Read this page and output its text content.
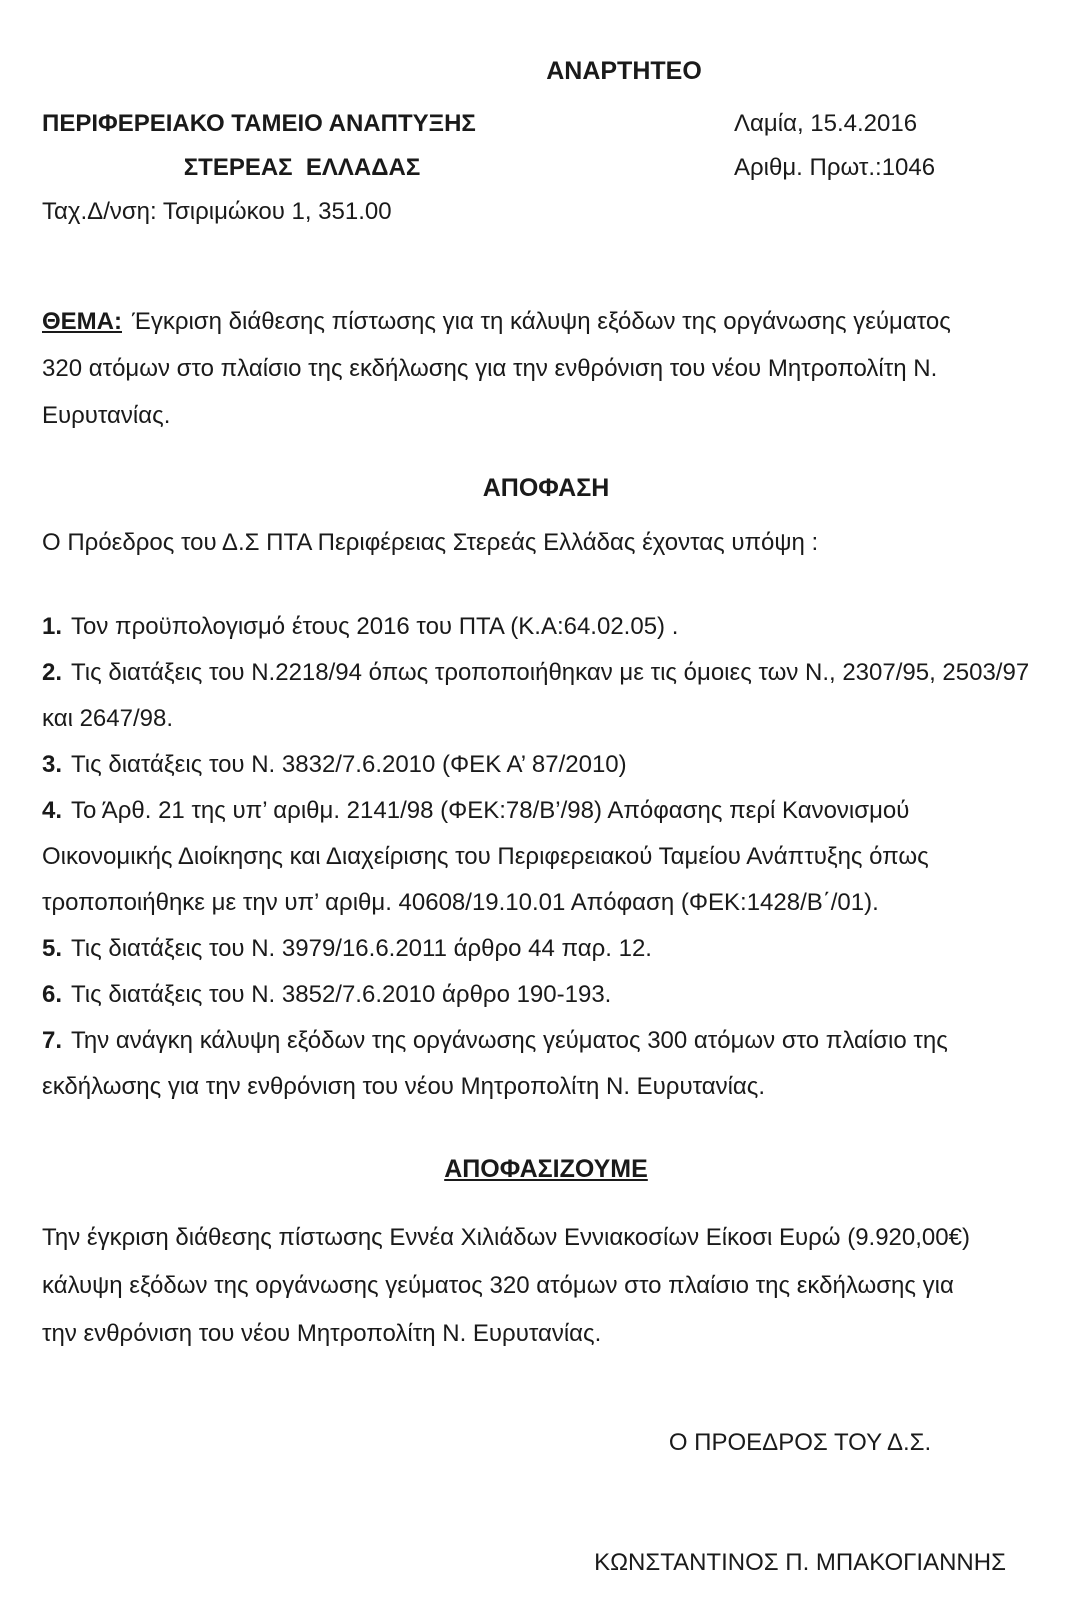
ΑΝΑΡΤΗΤΕΟ
ΠΕΡΙΦΕΡΕΙΑΚΟ ΤΑΜΕΙΟ ΑΝΑΠΤΥΞΗΣ
ΣΤΕΡΕΑΣ  ΕΛΛΑΔΑΣ
Ταχ.Δ/νση: Τσιριμώκου 1, 351.00
Λαμία, 15.4.2016
Αριθμ. Πρωτ.:1046

ΘΕΜΑ: Έγκριση διάθεσης πίστωσης για τη κάλυψη εξόδων της οργάνωσης γεύματος 320 ατόμων στο πλαίσιο της εκδήλωσης για την ενθρόνιση του νέου Μητροπολίτη Ν. Ευρυτανίας.

ΑΠΟΦΑΣΗ

Ο Πρόεδρος του Δ.Σ ΠΤΑ Περιφέρειας Στερεάς Ελλάδας έχοντας υπόψη :

1. Τον προϋπολογισμό έτους 2016 του ΠΤΑ (Κ.Α:64.02.05) .

2. Τις διατάξεις του Ν.2218/94 όπως τροποποιήθηκαν με τις όμοιες των Ν., 2307/95, 2503/97 και 2647/98.

3. Τις διατάξεις του Ν. 3832/7.6.2010 (ΦΕΚ Α’ 87/2010)

4. Το Άρθ. 21 της υπ’ αριθμ. 2141/98 (ΦΕΚ:78/Β’/98) Απόφασης περί Κανονισμού Οικονομικής Διοίκησης και Διαχείρισης του Περιφερειακού Ταμείου Ανάπτυξης όπως τροποποιήθηκε με την υπ’ αριθμ. 40608/19.10.01 Απόφαση (ΦΕΚ:1428/Β΄/01).

5. Τις διατάξεις του Ν. 3979/16.6.2011 άρθρο 44 παρ. 12.

6. Τις διατάξεις του Ν. 3852/7.6.2010 άρθρο 190-193.

7. Την ανάγκη κάλυψη εξόδων της οργάνωσης γεύματος 300 ατόμων στο πλαίσιο της εκδήλωσης για την ενθρόνιση του νέου Μητροπολίτη Ν. Ευρυτανίας.

ΑΠΟΦΑΣΙΖΟΥΜΕ

Την έγκριση διάθεσης πίστωσης Εννέα Χιλιάδων Εννιακοσίων Είκοσι Ευρώ (9.920,00€) κάλυψη εξόδων της οργάνωσης γεύματος 320 ατόμων στο πλαίσιο της εκδήλωσης για την ενθρόνιση του νέου Μητροπολίτη Ν. Ευρυτανίας.

Ο ΠΡΟΕΔΡΟΣ ΤΟΥ Δ.Σ.
ΚΩΝΣΤΑΝΤΙΝΟΣ Π. ΜΠΑΚΟΓΙΑΝΝΗΣ
